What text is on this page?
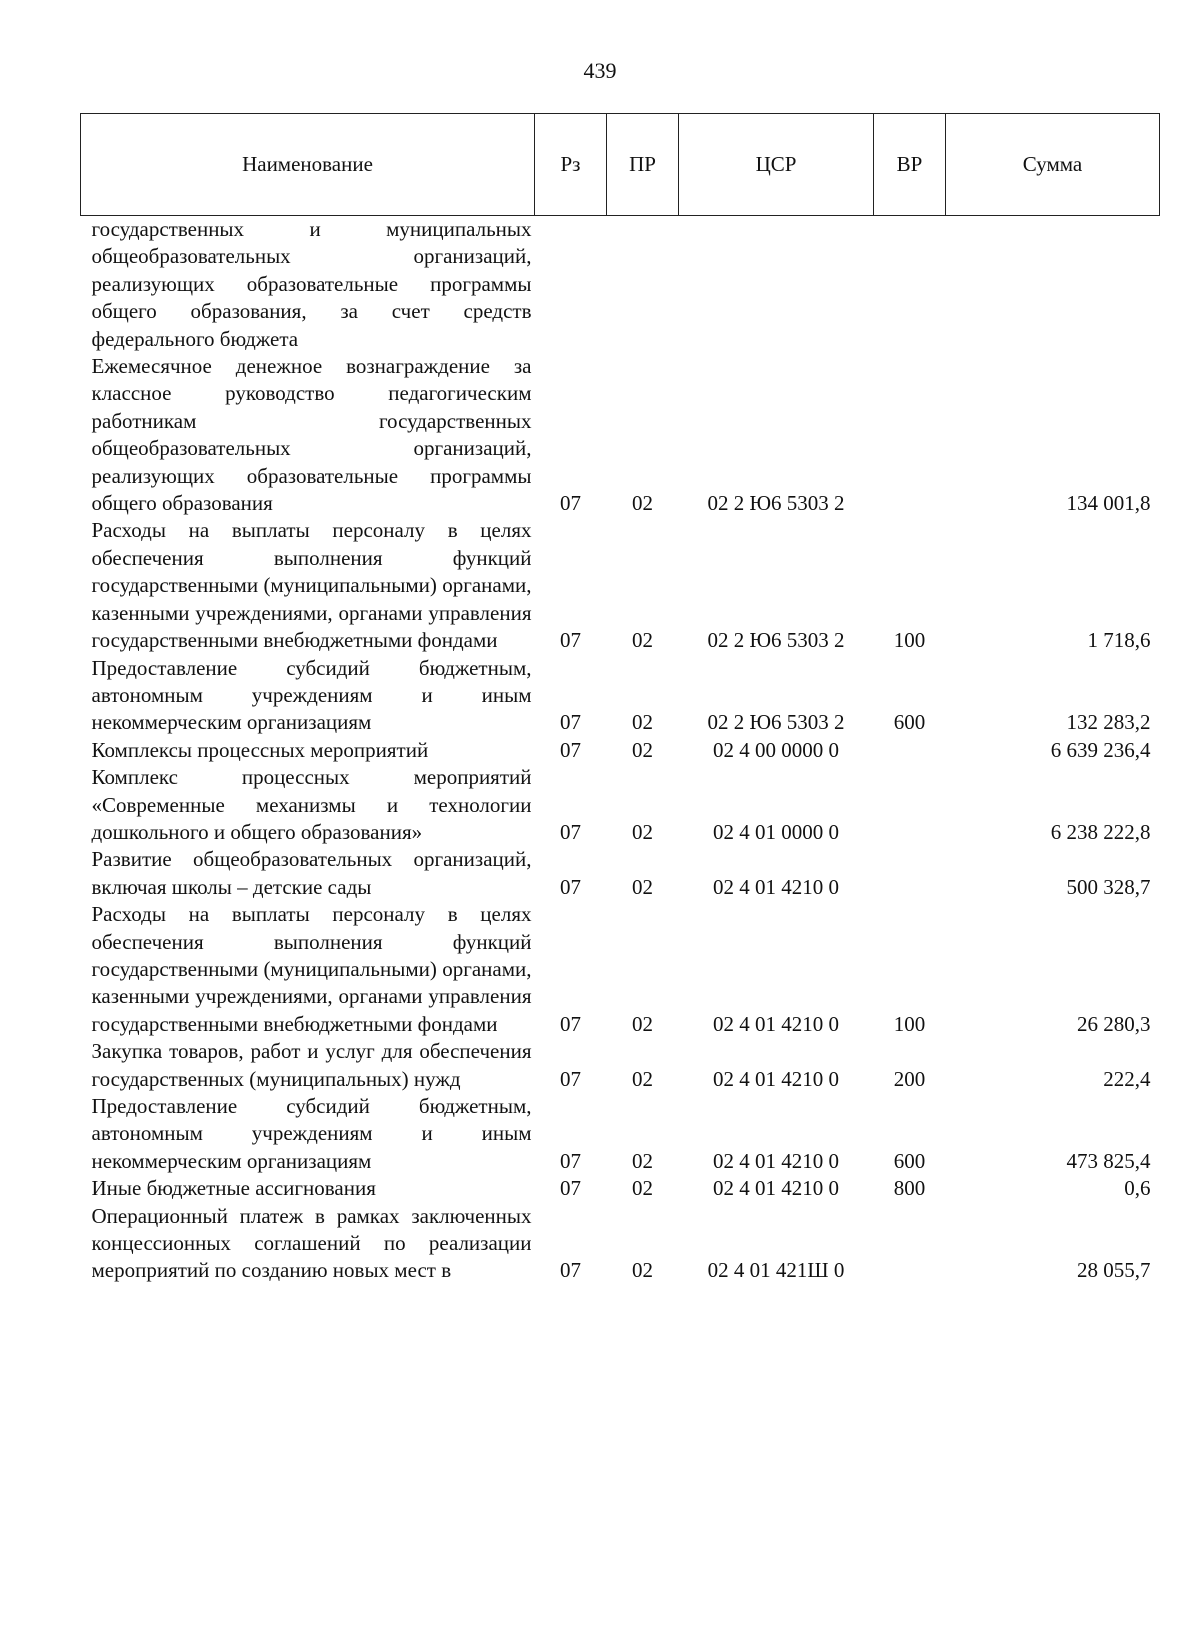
439
Наименование	Рз	ПР	ЦСР	ВР	Сумма
государственных и муниципальных общеобразовательных организаций, реализующих образовательные программы общего образования, за счет средств федерального бюджета					
Ежемесячное денежное вознаграждение за классное руководство педагогическим работникам государственных общеобразовательных организаций, реализующих образовательные программы общего образования	07	02	02 2 Ю6 5303 2		134 001,8
Расходы на выплаты персоналу в целях обеспечения выполнения функций государственными (муниципальными) органами, казенными учреждениями, органами управления государственными внебюджетными фондами	07	02	02 2 Ю6 5303 2	100	1 718,6
Предоставление субсидий бюджетным, автономным учреждениям и иным некоммерческим организациям	07	02	02 2 Ю6 5303 2	600	132 283,2
Комплексы процессных мероприятий	07	02	02 4 00 0000 0		6 639 236,4
Комплекс процессных мероприятий «Современные механизмы и технологии дошкольного и общего образования»	07	02	02 4 01 0000 0		6 238 222,8
Развитие общеобразовательных организаций, включая школы – детские сады	07	02	02 4 01 4210 0		500 328,7
Расходы на выплаты персоналу в целях обеспечения выполнения функций государственными (муниципальными) органами, казенными учреждениями, органами управления государственными внебюджетными фондами	07	02	02 4 01 4210 0	100	26 280,3
Закупка товаров, работ и услуг для обеспечения государственных (муниципальных) нужд	07	02	02 4 01 4210 0	200	222,4
Предоставление субсидий бюджетным, автономным учреждениям и иным некоммерческим организациям	07	02	02 4 01 4210 0	600	473 825,4
Иные бюджетные ассигнования	07	02	02 4 01 4210 0	800	0,6
Операционный платеж в рамках заключенных концессионных соглашений по реализации мероприятий по созданию новых мест в	07	02	02 4 01 421Ш 0		28 055,7
